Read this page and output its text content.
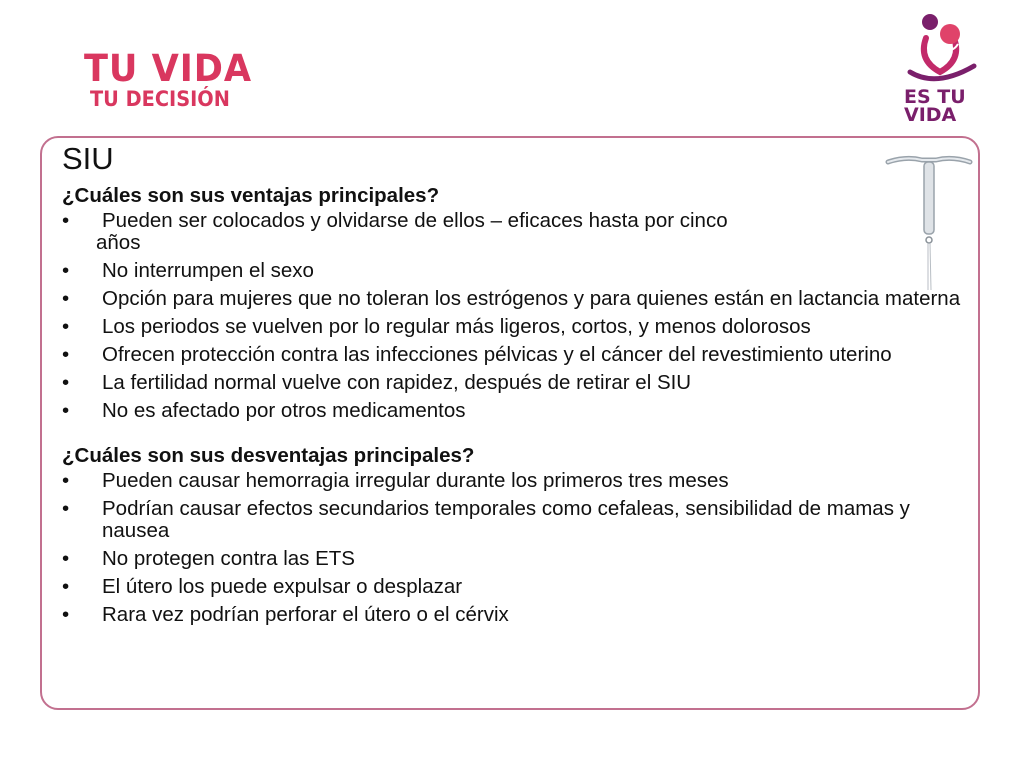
TU VIDA
TU DECISIÓN	ES TU
VIDA
SIU

¿Cuáles son sus ventajas principales?

•	Pueden ser colocados y olvidarse de ellos – eficaces hasta por cinco
años
•	No interrumpen el sexo
•	Opción para mujeres que no toleran los estrógenos y para quienes están en lactancia materna
•	Los periodos se vuelven por lo regular más ligeros, cortos, y menos dolorosos
•	Ofrecen protección contra las infecciones pélvicas y el cáncer del revestimiento uterino
•	La fertilidad normal vuelve con rapidez, después de retirar el SIU
•	No es afectado por otros medicamentos

¿Cuáles son sus desventajas principales?

•	Pueden causar hemorragia irregular durante los primeros tres meses
•	Podrían causar efectos secundarios temporales como cefaleas, sensibilidad de mamas y nausea
•	No protegen contra las ETS
•	El útero los puede expulsar o desplazar
•	Rara vez podrían perforar el útero o el cérvix
